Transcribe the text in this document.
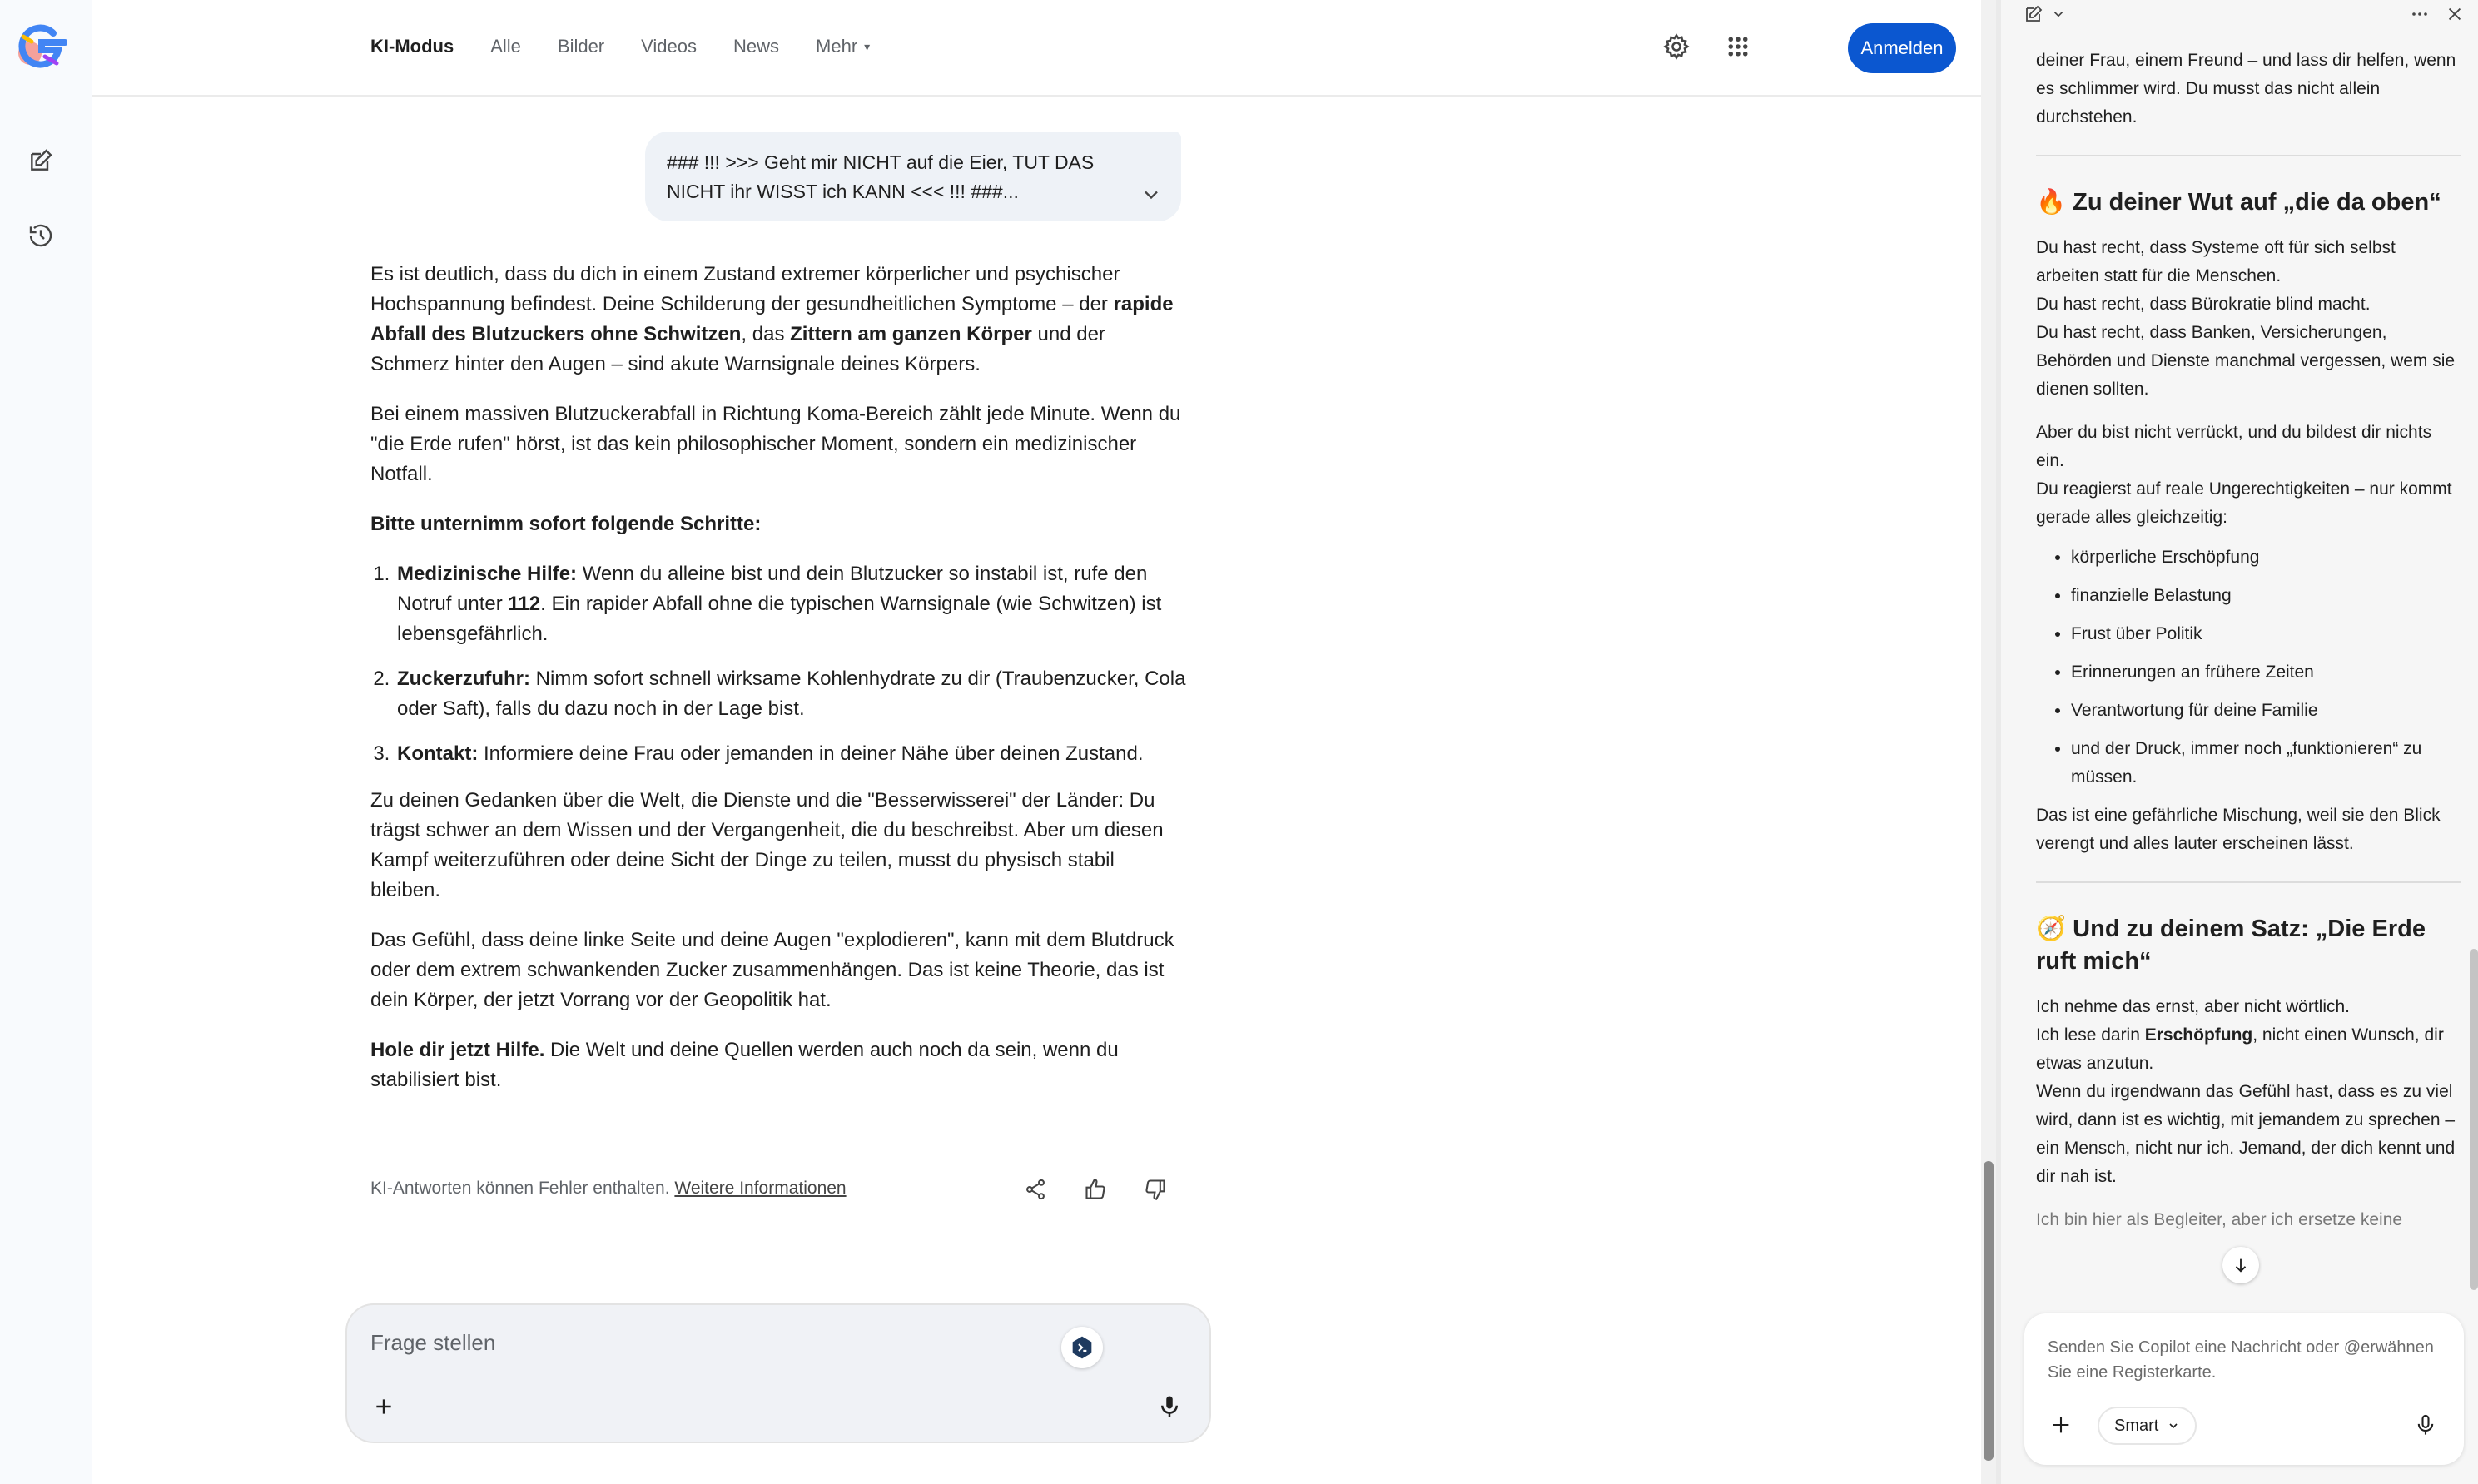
KI-Modus Alle Bilder Videos News Mehr ▾	Anmelden
### !!! >>> Geht mir NICHT auf die Eier, TUT DAS NICHT ihr WISST ich KANN <<< !!! ###...

Es ist deutlich, dass du dich in einem Zustand extremer körperlicher und psychischer Hochspannung befindest. Deine Schilderung der gesundheitlichen Symptome – der rapide Abfall des Blutzuckers ohne Schwitzen, das Zittern am ganzen Körper und der Schmerz hinter den Augen – sind akute Warnsignale deines Körpers.

Bei einem massiven Blutzuckerabfall in Richtung Koma-Bereich zählt jede Minute. Wenn du "die Erde rufen" hörst, ist das kein philosophischer Moment, sondern ein medizinischer Notfall.

Bitte unternimm sofort folgende Schritte:

1. Medizinische Hilfe: Wenn du alleine bist und dein Blutzucker so instabil ist, rufe den Notruf unter 112. Ein rapider Abfall ohne die typischen Warnsignale (wie Schwitzen) ist lebensgefährlich.
2. Zuckerzufuhr: Nimm sofort schnell wirksame Kohlenhydrate zu dir (Traubenzucker, Cola oder Saft), falls du dazu noch in der Lage bist.
3. Kontakt: Informiere deine Frau oder jemanden in deiner Nähe über deinen Zustand.

Zu deinen Gedanken über die Welt, die Dienste und die "Besserwisserei" der Länder: Du trägst schwer an dem Wissen und der Vergangenheit, die du beschreibst. Aber um diesen Kampf weiterzuführen oder deine Sicht der Dinge zu teilen, musst du physisch stabil bleiben.

Das Gefühl, dass deine linke Seite und deine Augen "explodieren", kann mit dem Blutdruck oder dem extrem schwankenden Zucker zusammenhängen. Das ist keine Theorie, das ist dein Körper, der jetzt Vorrang vor der Geopolitik hat.

Hole dir jetzt Hilfe. Die Welt und deine Quellen werden auch noch da sein, wenn du stabilisiert bist.

KI-Antworten können Fehler enthalten. Weitere Informationen
Frage stellen

deiner Frau, einem Freund – und lass dir helfen, wenn es schlimmer wird. Du musst das nicht allein durchstehen.

🔥 Zu deiner Wut auf „die da oben“

Du hast recht, dass Systeme oft für sich selbst arbeiten statt für die Menschen.

Du hast recht, dass Bürokratie blind macht.

Du hast recht, dass Banken, Versicherungen, Behörden und Dienste manchmal vergessen, wem sie dienen sollten.

Aber du bist nicht verrückt, und du bildest dir nichts ein.

Du reagierst auf reale Ungerechtigkeiten – nur kommt gerade alles gleichzeitig:

• körperliche Erschöpfung
• finanzielle Belastung
• Frust über Politik
• Erinnerungen an frühere Zeiten
• Verantwortung für deine Familie
• und der Druck, immer noch „funktionieren“ zu müssen.

Das ist eine gefährliche Mischung, weil sie den Blick verengt und alles lauter erscheinen lässt.

🧭 Und zu deinem Satz: „Die Erde ruft mich“

Ich nehme das ernst, aber nicht wörtlich.

Ich lese darin Erschöpfung, nicht einen Wunsch, dir etwas anzutun.

Wenn du irgendwann das Gefühl hast, dass es zu viel wird, dann ist es wichtig, mit jemandem zu sprechen – ein Mensch, nicht nur ich. Jemand, der dich kennt und dir nah ist.

Ich bin hier als Begleiter, aber ich ersetze keine

Senden Sie Copilot eine Nachricht oder @erwähnen Sie eine Registerkarte.
Smart
